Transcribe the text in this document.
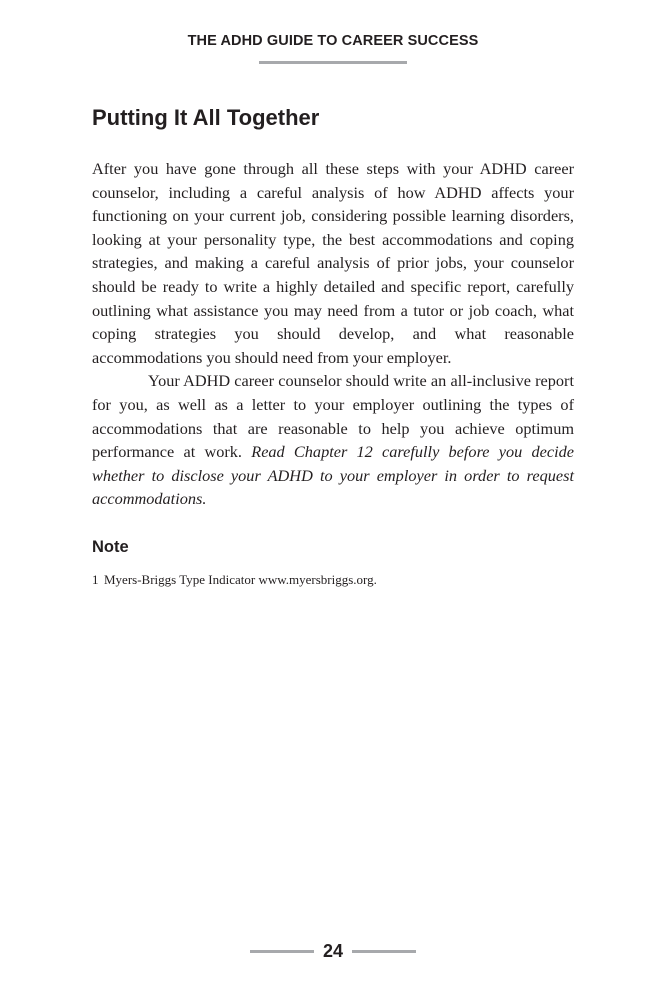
THE ADHD GUIDE TO CAREER SUCCESS
Putting It All Together

After you have gone through all these steps with your ADHD career counselor, including a careful analysis of how ADHD affects your functioning on your current job, considering possible learning disorders, looking at your personality type, the best accommodations and coping strategies, and making a careful analysis of prior jobs, your counselor should be ready to write a highly detailed and specific report, carefully outlining what assistance you may need from a tutor or job coach, what coping strategies you should develop, and what reasonable accommodations you should need from your employer.

Your ADHD career counselor should write an all-inclusive report for you, as well as a letter to your employer outlining the types of accommodations that are reasonable to help you achieve optimum performance at work. Read Chapter 12 carefully before you decide whether to disclose your ADHD to your employer in order to request accommodations.

Note
1 Myers-Briggs Type Indicator www.myersbriggs.org.
24
